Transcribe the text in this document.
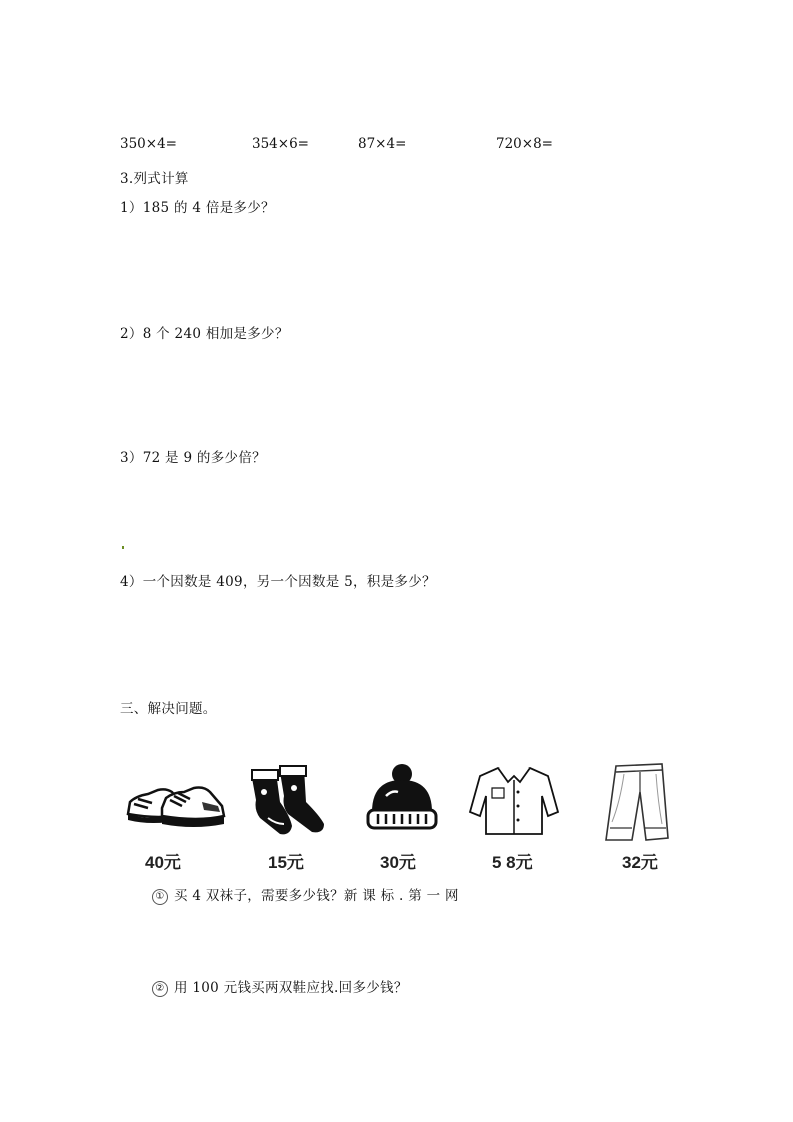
350×4=	354×6=	87×4=	720×8=
3.列式计算
1）185 的 4 倍是多少？
2）8 个 240 相加是多少？
3）72 是 9 的多少倍？
4）一个因数是 409，另一个因数是 5，积是多少？
三、解决问题。
40元	15元	30元	5 8元	32元
① 买 4 双袜子，需要多少钱？新 课 标 . 第 一 网
② 用 100 元钱买两双鞋应找.回多少钱？
